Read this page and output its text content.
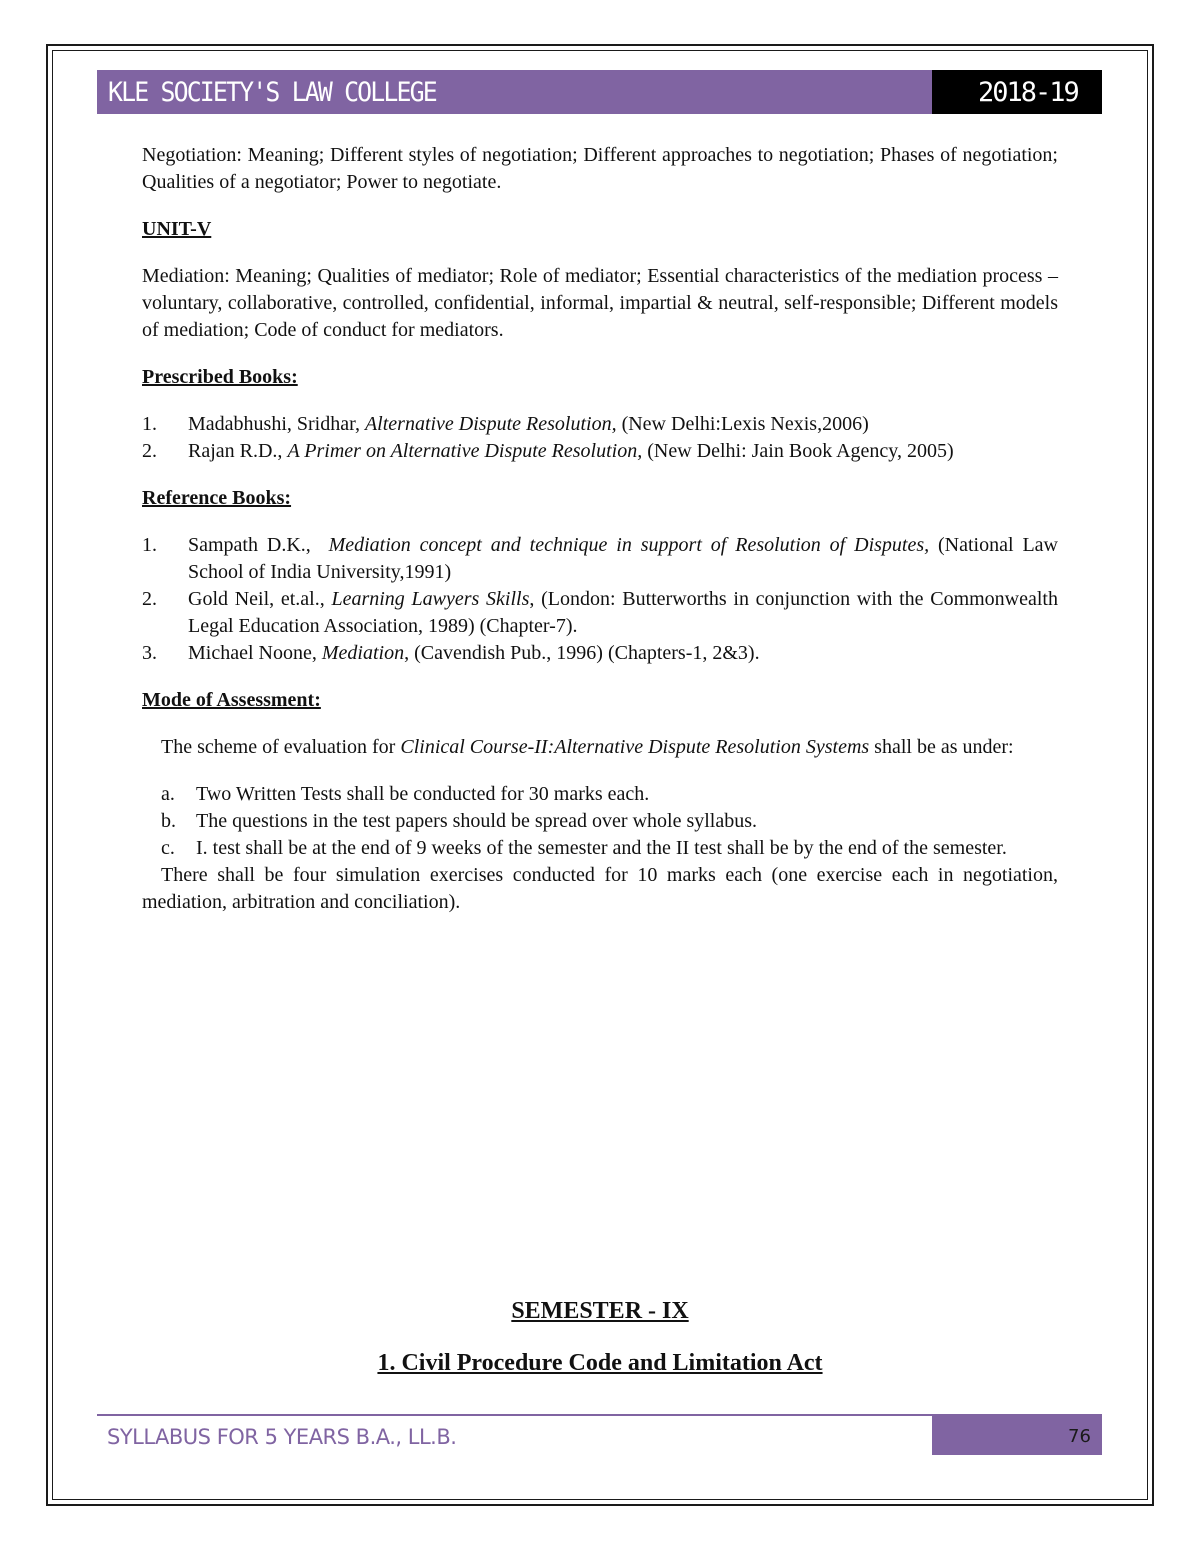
KLE SOCIETY'S LAW COLLEGE	2018-19

Negotiation: Meaning; Different styles of negotiation; Different approaches to negotiation; Phases of negotiation; Qualities of a negotiator; Power to negotiate.

UNIT-V

Mediation: Meaning; Qualities of mediator; Role of mediator; Essential characteristics of the mediation process – voluntary, collaborative, controlled, confidential, informal, impartial & neutral, self-responsible; Different models of mediation; Code of conduct for mediators.

Prescribed Books:

1. Madabhushi, Sridhar, Alternative Dispute Resolution, (New Delhi:Lexis Nexis,2006)
2. Rajan R.D., A Primer on Alternative Dispute Resolution, (New Delhi: Jain Book Agency, 2005)

Reference Books:

1. Sampath D.K.,  Mediation concept and technique in support of Resolution of Disputes, (National Law School of India University,1991)
2. Gold Neil, et.al., Learning Lawyers Skills, (London: Butterworths in conjunction with the Commonwealth Legal Education Association, 1989) (Chapter-7).
3. Michael Noone, Mediation, (Cavendish Pub., 1996) (Chapters-1, 2&3).

Mode of Assessment:

The scheme of evaluation for Clinical Course-II:Alternative Dispute Resolution Systems shall be as under:

a. Two Written Tests shall be conducted for 30 marks each.
b. The questions in the test papers should be spread over whole syllabus.
c. I. test shall be at the end of 9 weeks of the semester and the II test shall be by the end of the semester.

There shall be four simulation exercises conducted for 10 marks each (one exercise each in negotiation, mediation, arbitration and conciliation).

SEMESTER - IX
1. Civil Procedure Code and Limitation Act
SYLLABUS FOR 5 YEARS B.A., LL.B.	76
